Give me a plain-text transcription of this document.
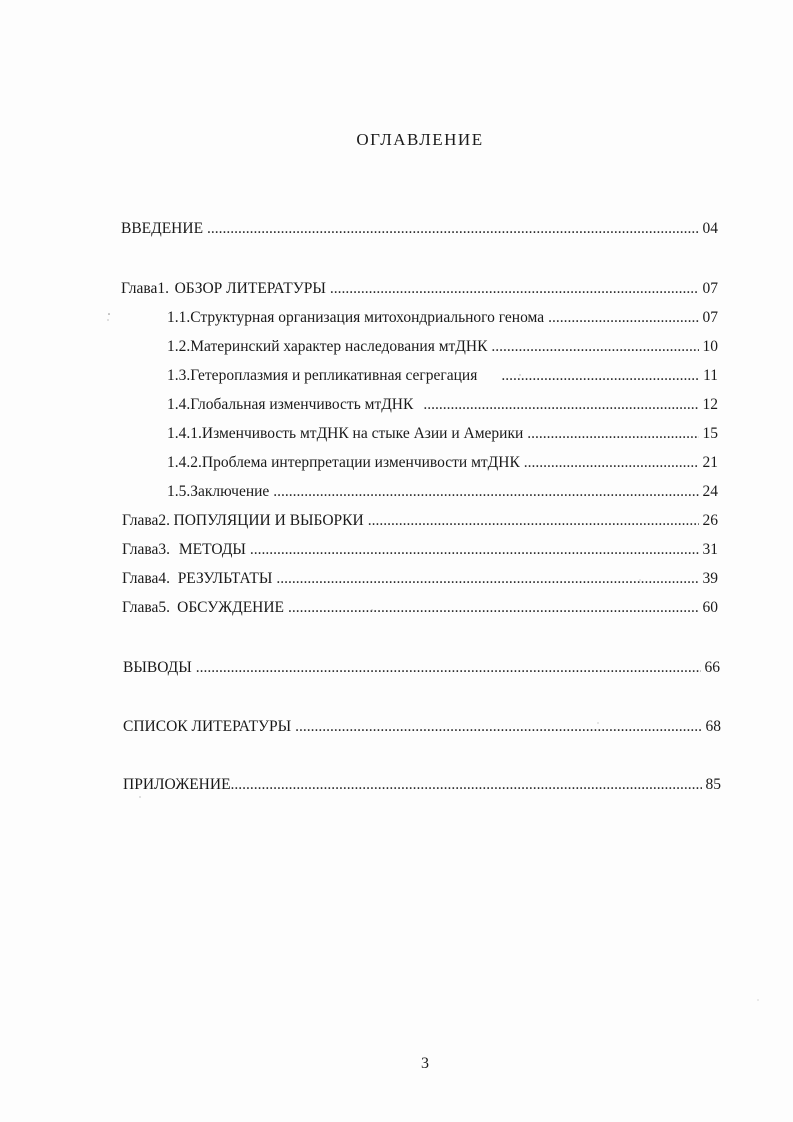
ОГЛАВЛЕНИЕ
ВВЕДЕНИЕ .....	04
Глава 1. ОБЗОР ЛИТЕРАТУРЫ .....	07
1.1. Структурная организация митохондриального генома .....	07
1.2. Материнский характер наследования мтДНК .....	10
1.3. Гетероплазмия и репликативная сегрегация .....	11
1.4. Глобальная изменчивость мтДНК .....	12
1.4.1. Изменчивость мтДНК на стыке Азии и Америки .....	15
1.4.2. Проблема интерпретации изменчивости мтДНК .....	21
1.5. Заключение .....	24
Глава 2. ПОПУЛЯЦИИ И ВЫБОРКИ .....	26
Глава 3. МЕТОДЫ .....	31
Глава 4. РЕЗУЛЬТАТЫ .....	39
Глава 5. ОБСУЖДЕНИЕ .....	60
ВЫВОДЫ .....	66
СПИСОК ЛИТЕРАТУРЫ .....	68
ПРИЛОЖЕНИЕ .....	85
3
